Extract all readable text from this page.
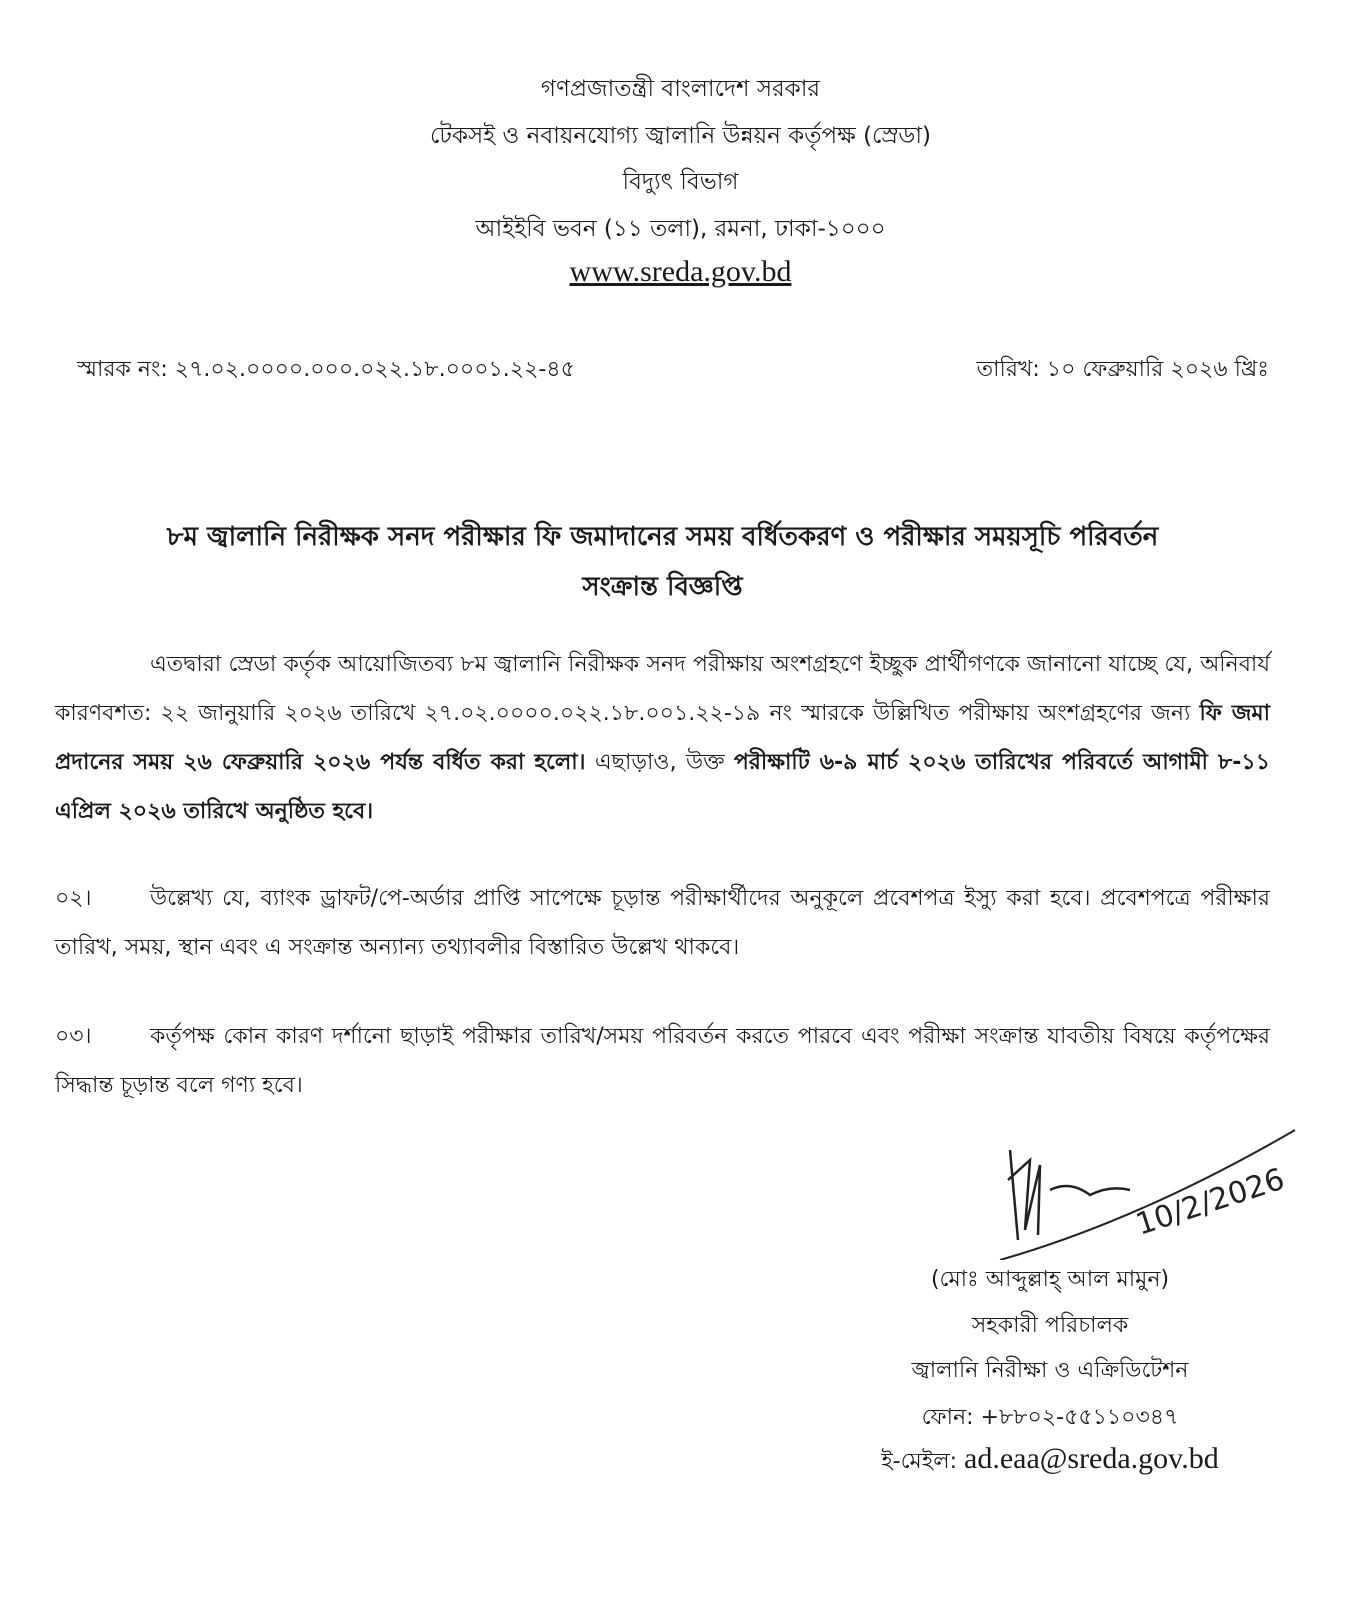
গণপ্রজাতন্ত্রী বাংলাদেশ সরকার
টেকসই ও নবায়নযোগ্য জ্বালানি উন্নয়ন কর্তৃপক্ষ (স্রেডা)
বিদ্যুৎ বিভাগ
আইইবি ভবন (১১ তলা), রমনা, ঢাকা-১০০০
www.sreda.gov.bd
স্মারক নং: ২৭.০২.০০০০.০০০.০২২.১৮.০০০১.২২-৪৫	তারিখ: ১০ ফেব্রুয়ারি ২০২৬ খ্রিঃ
৮ম জ্বালানি নিরীক্ষক সনদ পরীক্ষার ফি জমাদানের সময় বর্ধিতকরণ ও পরীক্ষার সময়সূচি পরিবর্তন
সংক্রান্ত বিজ্ঞপ্তি
এতদ্বারা স্রেডা কর্তৃক আয়োজিতব্য ৮ম জ্বালানি নিরীক্ষক সনদ পরীক্ষায় অংশগ্রহণে ইচ্ছুক প্রার্থীগণকে জানানো যাচ্ছে যে, অনিবার্য কারণবশত: ২২ জানুয়ারি ২০২৬ তারিখে ২৭.০২.০০০০.০২২.১৮.০০১.২২-১৯ নং স্মারকে উল্লিখিত পরীক্ষায় অংশগ্রহণের জন্য ফি জমা প্রদানের সময় ২৬ ফেব্রুয়ারি ২০২৬ পর্যন্ত বর্ধিত করা হলো। এছাড়াও, উক্ত পরীক্ষাটি ৬-৯ মার্চ ২০২৬ তারিখের পরিবর্তে আগামী ৮-১১ এপ্রিল ২০২৬ তারিখে অনুষ্ঠিত হবে।
০২।	উল্লেখ্য যে, ব্যাংক ড্রাফট/পে-অর্ডার প্রাপ্তি সাপেক্ষে চূড়ান্ত পরীক্ষার্থীদের অনুকূলে প্রবেশপত্র ইস্যু করা হবে। প্রবেশপত্রে পরীক্ষার তারিখ, সময়, স্থান এবং এ সংক্রান্ত অন্যান্য তথ্যাবলীর বিস্তারিত উল্লেখ থাকবে।
০৩।	কর্তৃপক্ষ কোন কারণ দর্শানো ছাড়াই পরীক্ষার তারিখ/সময় পরিবর্তন করতে পারবে এবং পরীক্ষা সংক্রান্ত যাবতীয় বিষয়ে কর্তৃপক্ষের সিদ্ধান্ত চূড়ান্ত বলে গণ্য হবে।
10/2/2026
(মোঃ আব্দুল্লাহ্ আল মামুন)
সহকারী পরিচালক
জ্বালানি নিরীক্ষা ও এক্রিডিটেশন
ফোন: +৮৮০২-৫৫১১০৩৪৭
ই-মেইল: ad.eaa@sreda.gov.bd
